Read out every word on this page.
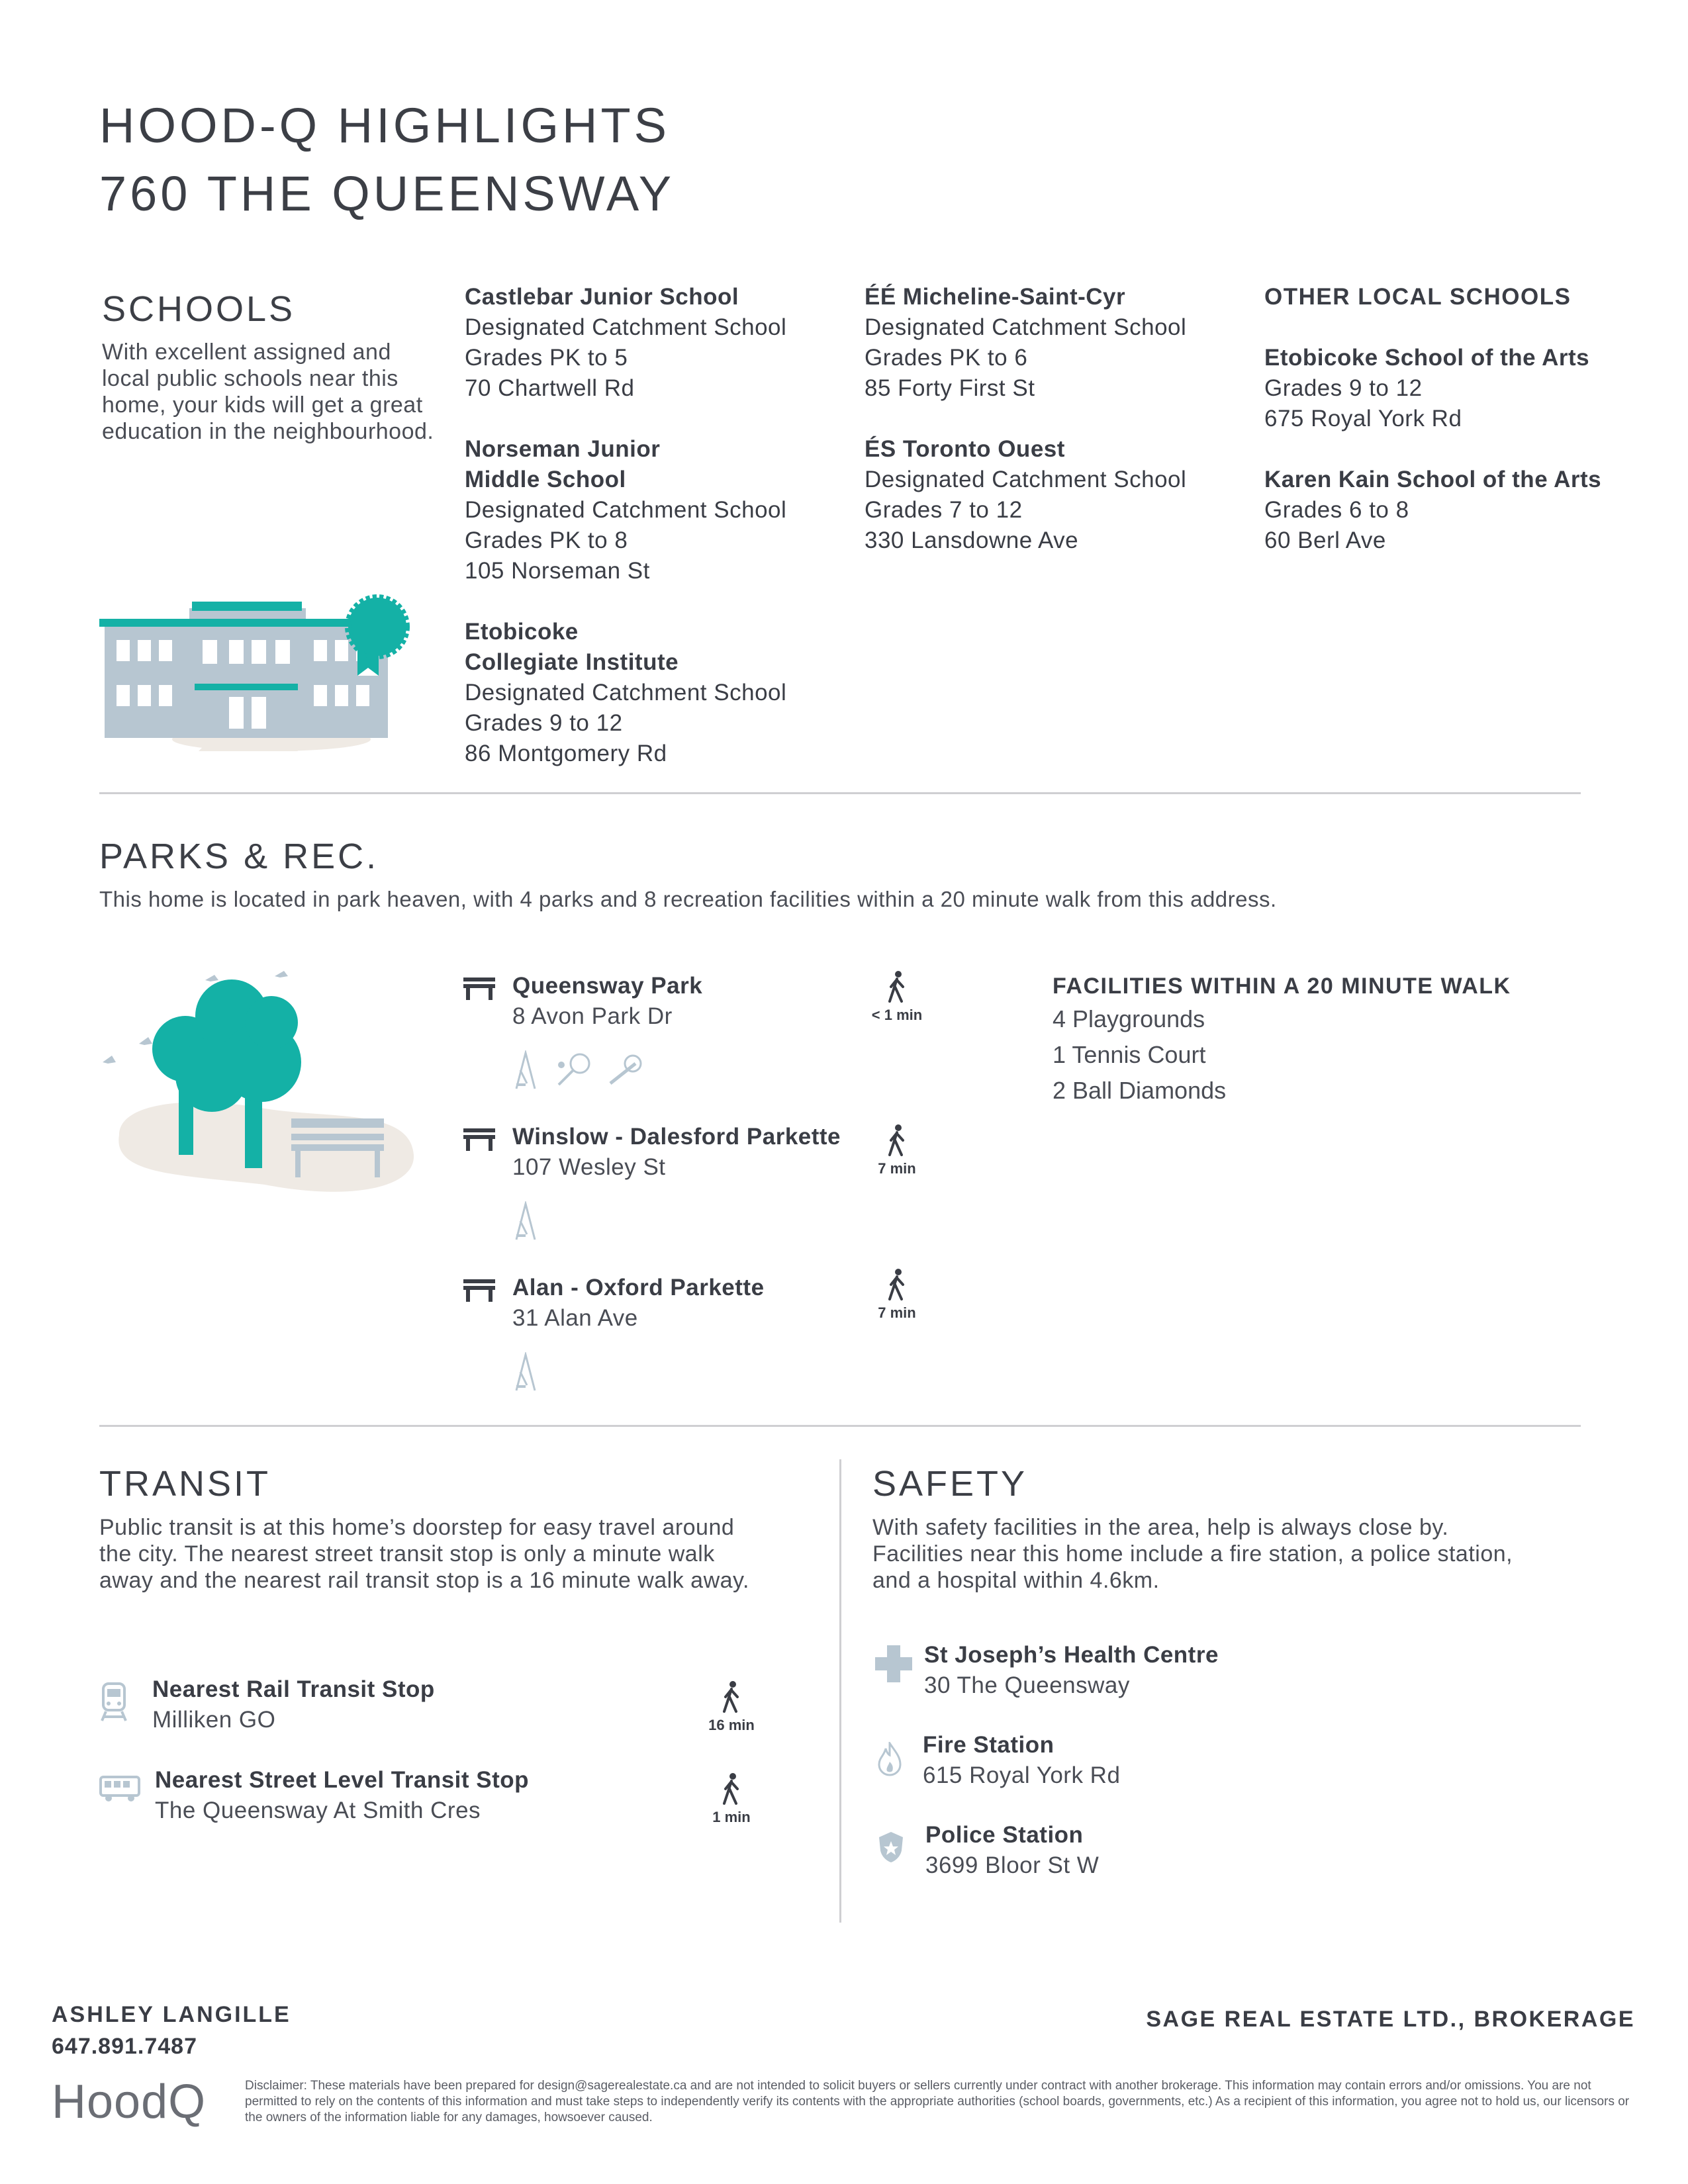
HOOD-Q HIGHLIGHTS
760 THE QUEENSWAY
SCHOOLS
With excellent assigned and local public schools near this home, your kids will get a great education in the neighbourhood.
Castlebar Junior School
Designated Catchment School
Grades PK to 5
70 Chartwell Rd
Norseman Junior
Middle School
Designated Catchment School
Grades PK to 8
105 Norseman St
Etobicoke
Collegiate Institute
Designated Catchment School
Grades 9 to 12
86 Montgomery Rd
ÉÉ Micheline-Saint-Cyr
Designated Catchment School
Grades PK to 6
85 Forty First St
ÉS Toronto Ouest
Designated Catchment School
Grades 7 to 12
330 Lansdowne Ave
OTHER LOCAL SCHOOLS
Etobicoke School of the Arts
Grades 9 to 12
675 Royal York Rd
Karen Kain School of the Arts
Grades 6 to 8
60 Berl Ave
PARKS & REC.
This home is located in park heaven, with 4 parks and 8 recreation facilities within a 20 minute walk from this address.
Queensway Park
8 Avon Park Dr	< 1 min
Winslow - Dalesford Parkette
107 Wesley St	7 min
Alan - Oxford Parkette
31 Alan Ave	7 min
FACILITIES WITHIN A 20 MINUTE WALK
4 Playgrounds
1 Tennis Court
2 Ball Diamonds
TRANSIT
Public transit is at this home’s doorstep for easy travel around the city. The nearest street transit stop is only a minute walk away and the nearest rail transit stop is a 16 minute walk away.
Nearest Rail Transit Stop
Milliken GO	16 min
Nearest Street Level Transit Stop
The Queensway At Smith Cres	1 min
SAFETY
With safety facilities in the area, help is always close by. Facilities near this home include a fire station, a police station, and a hospital within 4.6km.
St Joseph’s Health Centre
30 The Queensway
Fire Station
615 Royal York Rd
Police Station
3699 Bloor St W
ASHLEY LANGILLE
647.891.7487
HoodQ
SAGE REAL ESTATE LTD., BROKERAGE
Disclaimer: These materials have been prepared for design@sagerealestate.ca and are not intended to solicit buyers or sellers currently under contract with another brokerage. This information may contain errors and/or omissions. You are not permitted to rely on the contents of this information and must take steps to independently verify its contents with the appropriate authorities (school boards, governments, etc.) As a recipient of this information, you agree not to hold us, our licensors or the owners of the information liable for any damages, howsoever caused.
